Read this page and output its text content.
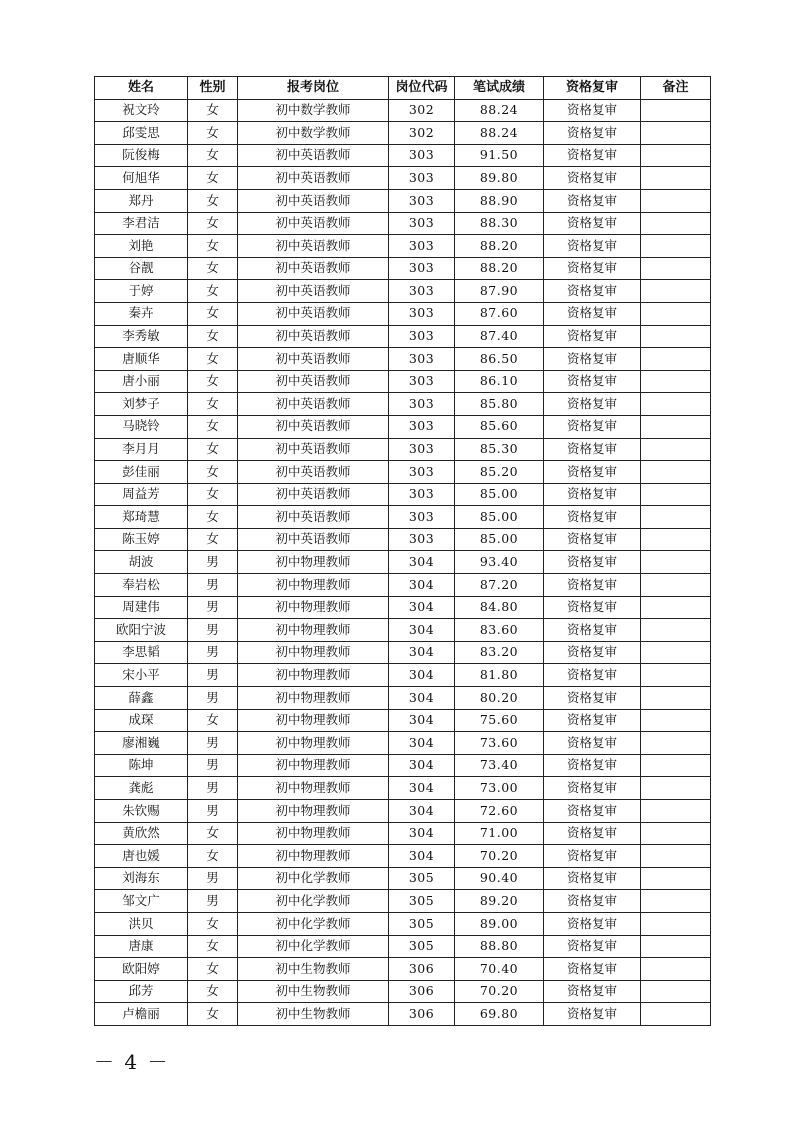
姓名	性别	报考岗位	岗位代码	笔试成绩	资格复审	备注
祝文玲	女	初中数学教师	302	88.24	资格复审	
邱雯思	女	初中数学教师	302	88.24	资格复审	
阮俊梅	女	初中英语教师	303	91.50	资格复审	
何旭华	女	初中英语教师	303	89.80	资格复审	
郑丹	女	初中英语教师	303	88.90	资格复审	
李君洁	女	初中英语教师	303	88.30	资格复审	
刘艳	女	初中英语教师	303	88.20	资格复审	
谷靓	女	初中英语教师	303	88.20	资格复审	
于婷	女	初中英语教师	303	87.90	资格复审	
秦卉	女	初中英语教师	303	87.60	资格复审	
李秀敏	女	初中英语教师	303	87.40	资格复审	
唐顺华	女	初中英语教师	303	86.50	资格复审	
唐小丽	女	初中英语教师	303	86.10	资格复审	
刘梦子	女	初中英语教师	303	85.80	资格复审	
马晓铃	女	初中英语教师	303	85.60	资格复审	
李月月	女	初中英语教师	303	85.30	资格复审	
彭佳丽	女	初中英语教师	303	85.20	资格复审	
周益芳	女	初中英语教师	303	85.00	资格复审	
郑琦慧	女	初中英语教师	303	85.00	资格复审	
陈玉婷	女	初中英语教师	303	85.00	资格复审	
胡波	男	初中物理教师	304	93.40	资格复审	
奉岩松	男	初中物理教师	304	87.20	资格复审	
周建伟	男	初中物理教师	304	84.80	资格复审	
欧阳宁波	男	初中物理教师	304	83.60	资格复审	
李思韬	男	初中物理教师	304	83.20	资格复审	
宋小平	男	初中物理教师	304	81.80	资格复审	
薛鑫	男	初中物理教师	304	80.20	资格复审	
成琛	女	初中物理教师	304	75.60	资格复审	
廖湘巍	男	初中物理教师	304	73.60	资格复审	
陈坤	男	初中物理教师	304	73.40	资格复审	
龚彪	男	初中物理教师	304	73.00	资格复审	
朱钦赐	男	初中物理教师	304	72.60	资格复审	
黄欣然	女	初中物理教师	304	71.00	资格复审	
唐也媛	女	初中物理教师	304	70.20	资格复审	
刘海东	男	初中化学教师	305	90.40	资格复审	
邹文广	男	初中化学教师	305	89.20	资格复审	
洪贝	女	初中化学教师	305	89.00	资格复审	
唐康	女	初中化学教师	305	88.80	资格复审	
欧阳婷	女	初中生物教师	306	70.40	资格复审	
邱芳	女	初中生物教师	306	70.20	资格复审	
卢檐丽	女	初中生物教师	306	69.80	资格复审	
－ 4 －
